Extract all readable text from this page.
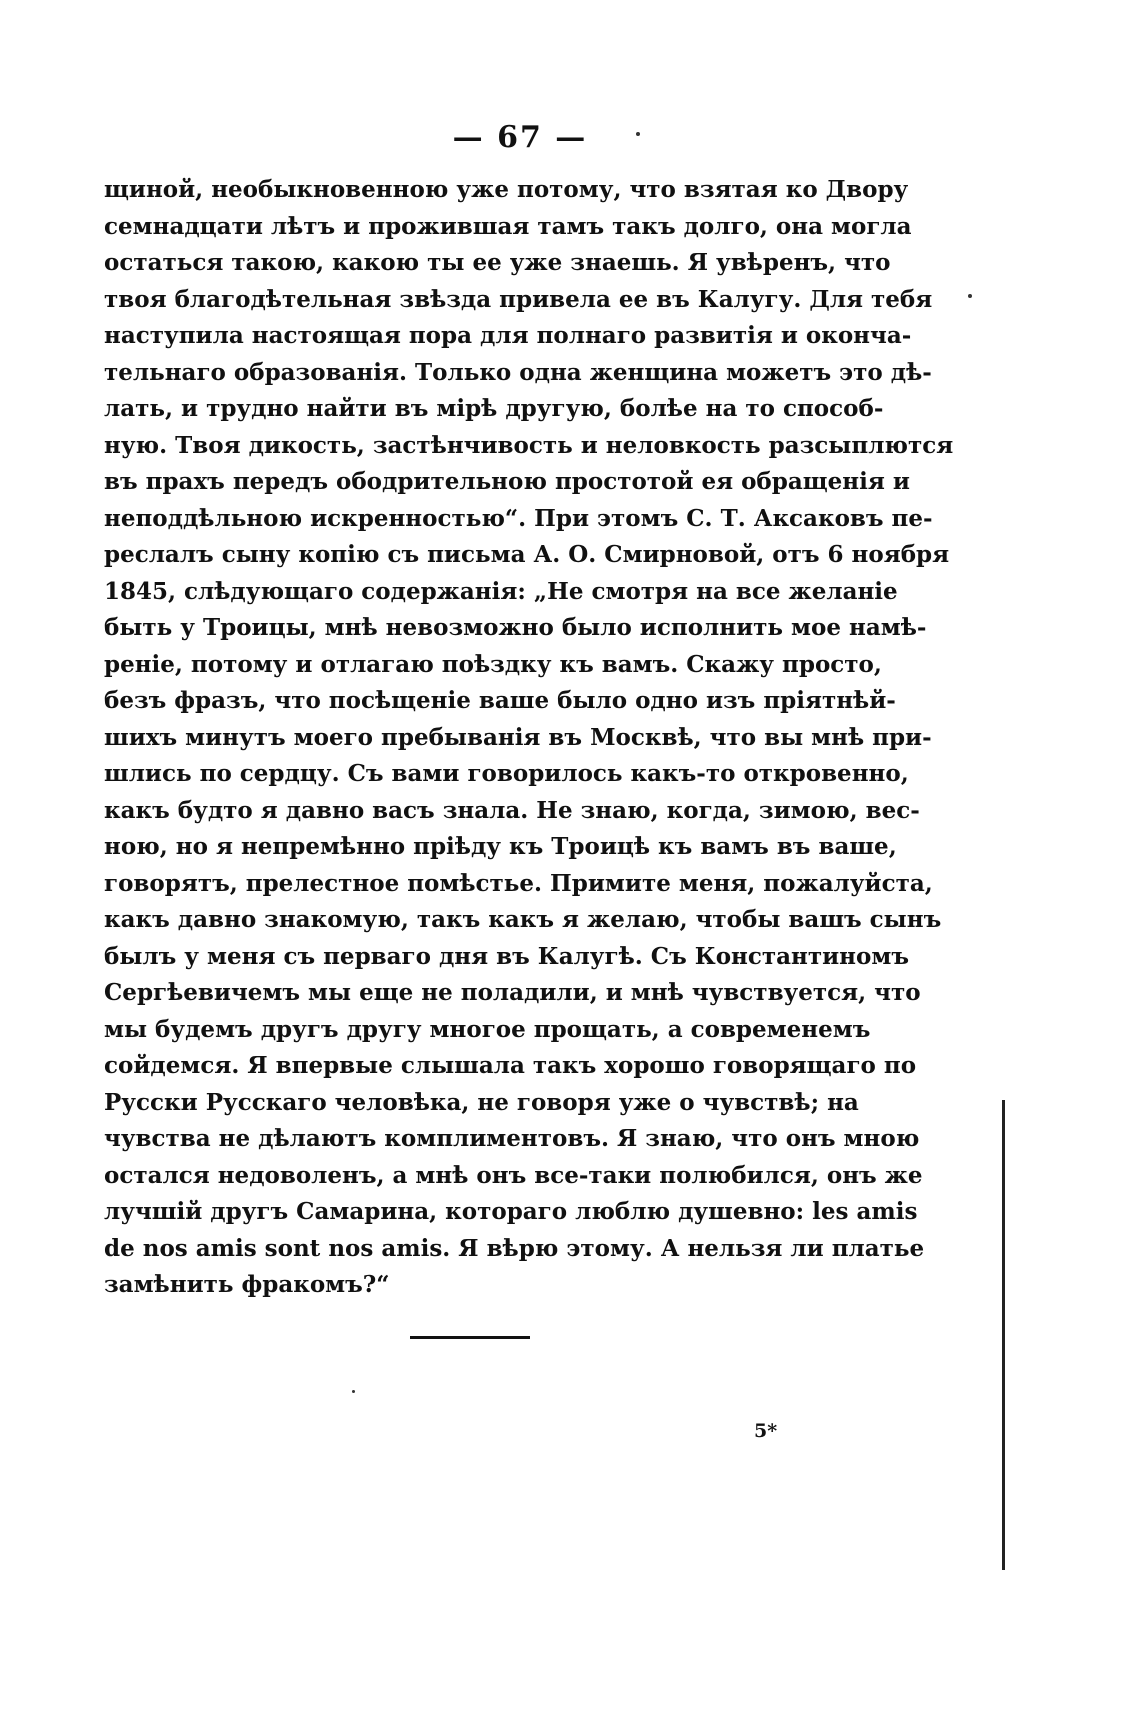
— 67 —
щиной, необыкновенною уже потому, что взятая ко Двору
семнадцати лѣтъ и прожившая тамъ такъ долго, она могла
остаться такою, какою ты ее уже знаешь. Я увѣренъ, что
твоя благодѣтельная звѣзда привела ее въ Калугу. Для тебя
наступила настоящая пора для полнаго развитія и оконча-
тельнаго образованія. Только одна женщина можетъ это дѣ-
лать, и трудно найти въ мірѣ другую, болѣе на то способ-
ную. Твоя дикость, застѣнчивость и неловкость разсыплются
въ прахъ передъ ободрительною простотой ея обращенія и
неподдѣльною искренностью“. При этомъ С. Т. Аксаковъ пе-
реслалъ сыну копію съ письма А. О. Смирновой, отъ 6 ноября
1845, слѣдующаго содержанія: „Не смотря на все желаніе
быть у Троицы, мнѣ невозможно было исполнить мое намѣ-
реніе, потому и отлагаю поѣздку къ вамъ. Скажу просто,
безъ фразъ, что посѣщеніе ваше было одно изъ пріятнѣй-
шихъ минутъ моего пребыванія въ Москвѣ, что вы мнѣ при-
шлись по сердцу. Съ вами говорилось какъ-то откровенно,
какъ будто я давно васъ знала. Не знаю, когда, зимою, вес-
ною, но я непремѣнно пріѣду къ Троицѣ къ вамъ въ ваше,
говорятъ, прелестное помѣстье. Примите меня, пожалуйста,
какъ давно знакомую, такъ какъ я желаю, чтобы вашъ сынъ
былъ у меня съ перваго дня въ Калугѣ. Съ Константиномъ
Сергѣевичемъ мы еще не поладили, и мнѣ чувствуется, что
мы будемъ другъ другу многое прощать, а современемъ
сойдемся. Я впервые слышала такъ хорошо говорящаго по
Русски Русскаго человѣка, не говоря уже о чувствѣ; на
чувства не дѣлаютъ комплиментовъ. Я знаю, что онъ мною
остался недоволенъ, а мнѣ онъ все-таки полюбился, онъ же
лучшій другъ Самарина, котораго люблю душевно: les amis
de nos amis sont nos amis. Я вѣрю этому. А нельзя ли платье
замѣнить фракомъ?“
5*
